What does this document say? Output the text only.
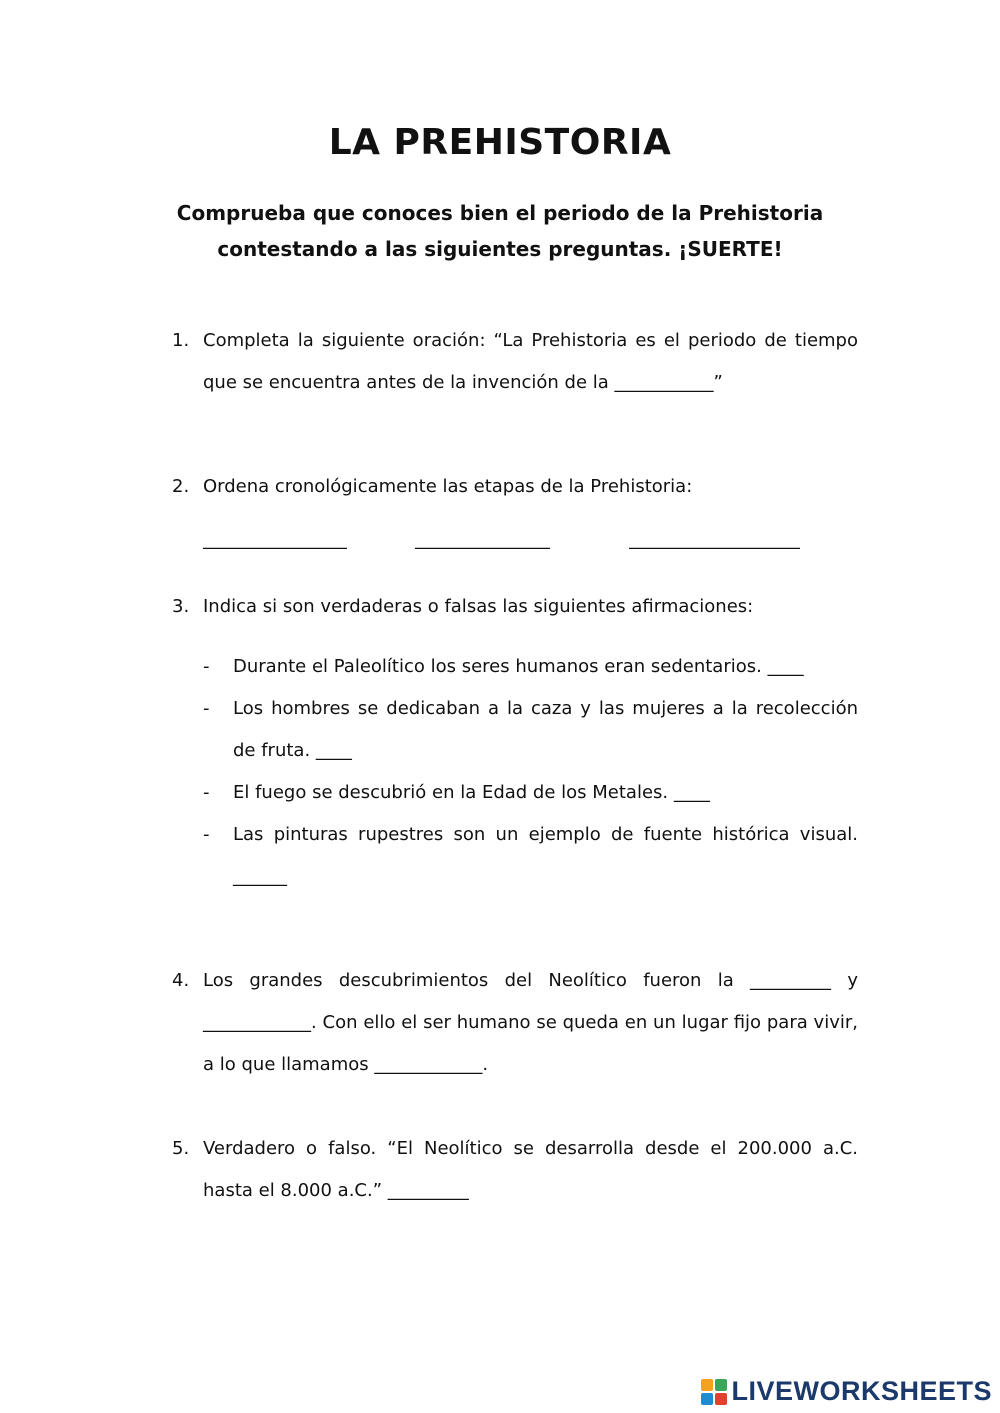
LA PREHISTORIA
Comprueba que conoces bien el periodo de la Prehistoria
contestando a las siguientes preguntas. ¡SUERTE!
1. Completa la siguiente oración: “La Prehistoria es el periodo de tiempo que se encuentra antes de la invención de la ___________”
2. Ordena cronológicamente las etapas de la Prehistoria:
________________	_______________	___________________
3. Indica si son verdaderas o falsas las siguientes afirmaciones:
- Durante el Paleolítico los seres humanos eran sedentarios. ____
- Los hombres se dedicaban a la caza y las mujeres a la recolección de fruta. ____
- El fuego se descubrió en la Edad de los Metales. ____
- Las pinturas rupestres son un ejemplo de fuente histórica visual. ______
4. Los grandes descubrimientos del Neolítico fueron la _________ y ____________. Con ello el ser humano se queda en un lugar fijo para vivir, a lo que llamamos ____________.
5. Verdadero o falso. “El Neolítico se desarrolla desde el 200.000 a.C. hasta el 8.000 a.C.” _________
LIVEWORKSHEETS
